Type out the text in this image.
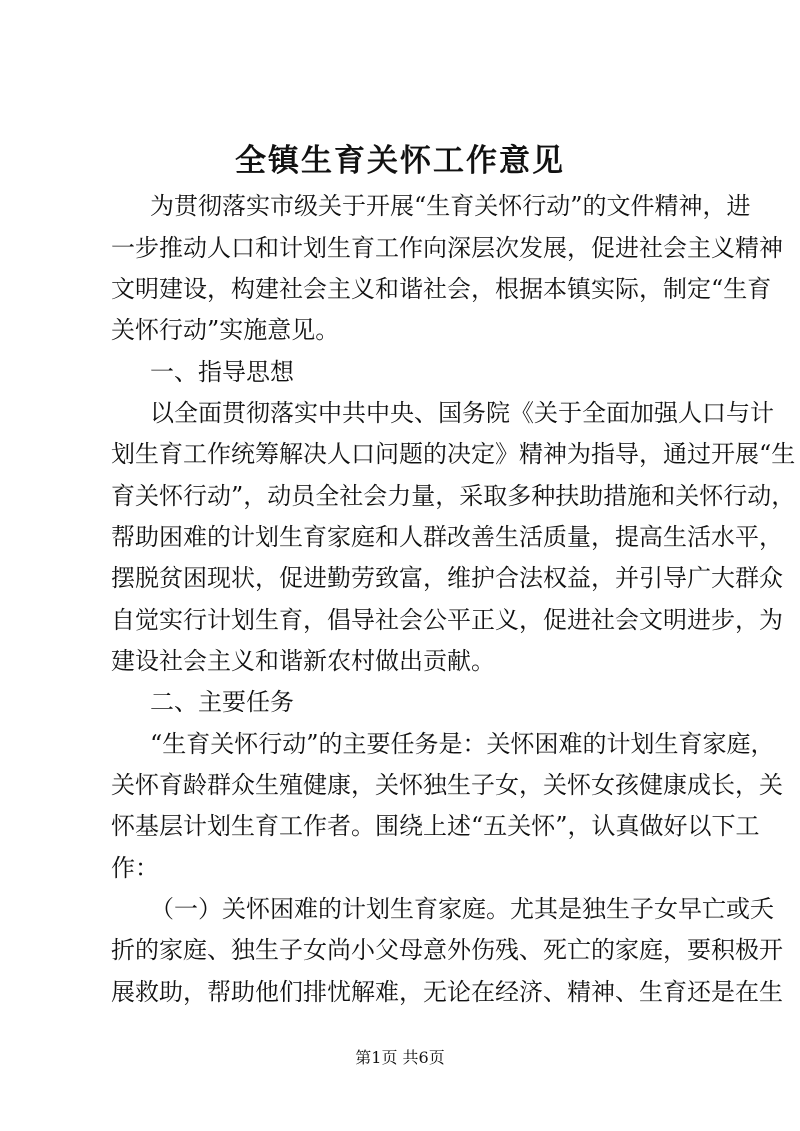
全镇生育关怀工作意见
为贯彻落实市级关于开展“生育关怀行动”的文件精神，进
一步推动人口和计划生育工作向深层次发展，促进社会主义精神
文明建设，构建社会主义和谐社会，根据本镇实际，制定“生育
关怀行动”实施意见。
一、指导思想
以全面贯彻落实中共中央、国务院《关于全面加强人口与计
划生育工作统筹解决人口问题的决定》精神为指导，通过开展“生
育关怀行动”，动员全社会力量，采取多种扶助措施和关怀行动，
帮助困难的计划生育家庭和人群改善生活质量，提高生活水平，
摆脱贫困现状，促进勤劳致富，维护合法权益，并引导广大群众
自觉实行计划生育，倡导社会公平正义，促进社会文明进步，为
建设社会主义和谐新农村做出贡献。
二、主要任务
“生育关怀行动”的主要任务是：关怀困难的计划生育家庭，
关怀育龄群众生殖健康，关怀独生子女，关怀女孩健康成长，关
怀基层计划生育工作者。围绕上述“五关怀”，认真做好以下工
作：
（一）关怀困难的计划生育家庭。尤其是独生子女早亡或夭
折的家庭、独生子女尚小父母意外伤残、死亡的家庭，要积极开
展救助，帮助他们排忧解难，无论在经济、精神、生育还是在生
第1页 共6页
